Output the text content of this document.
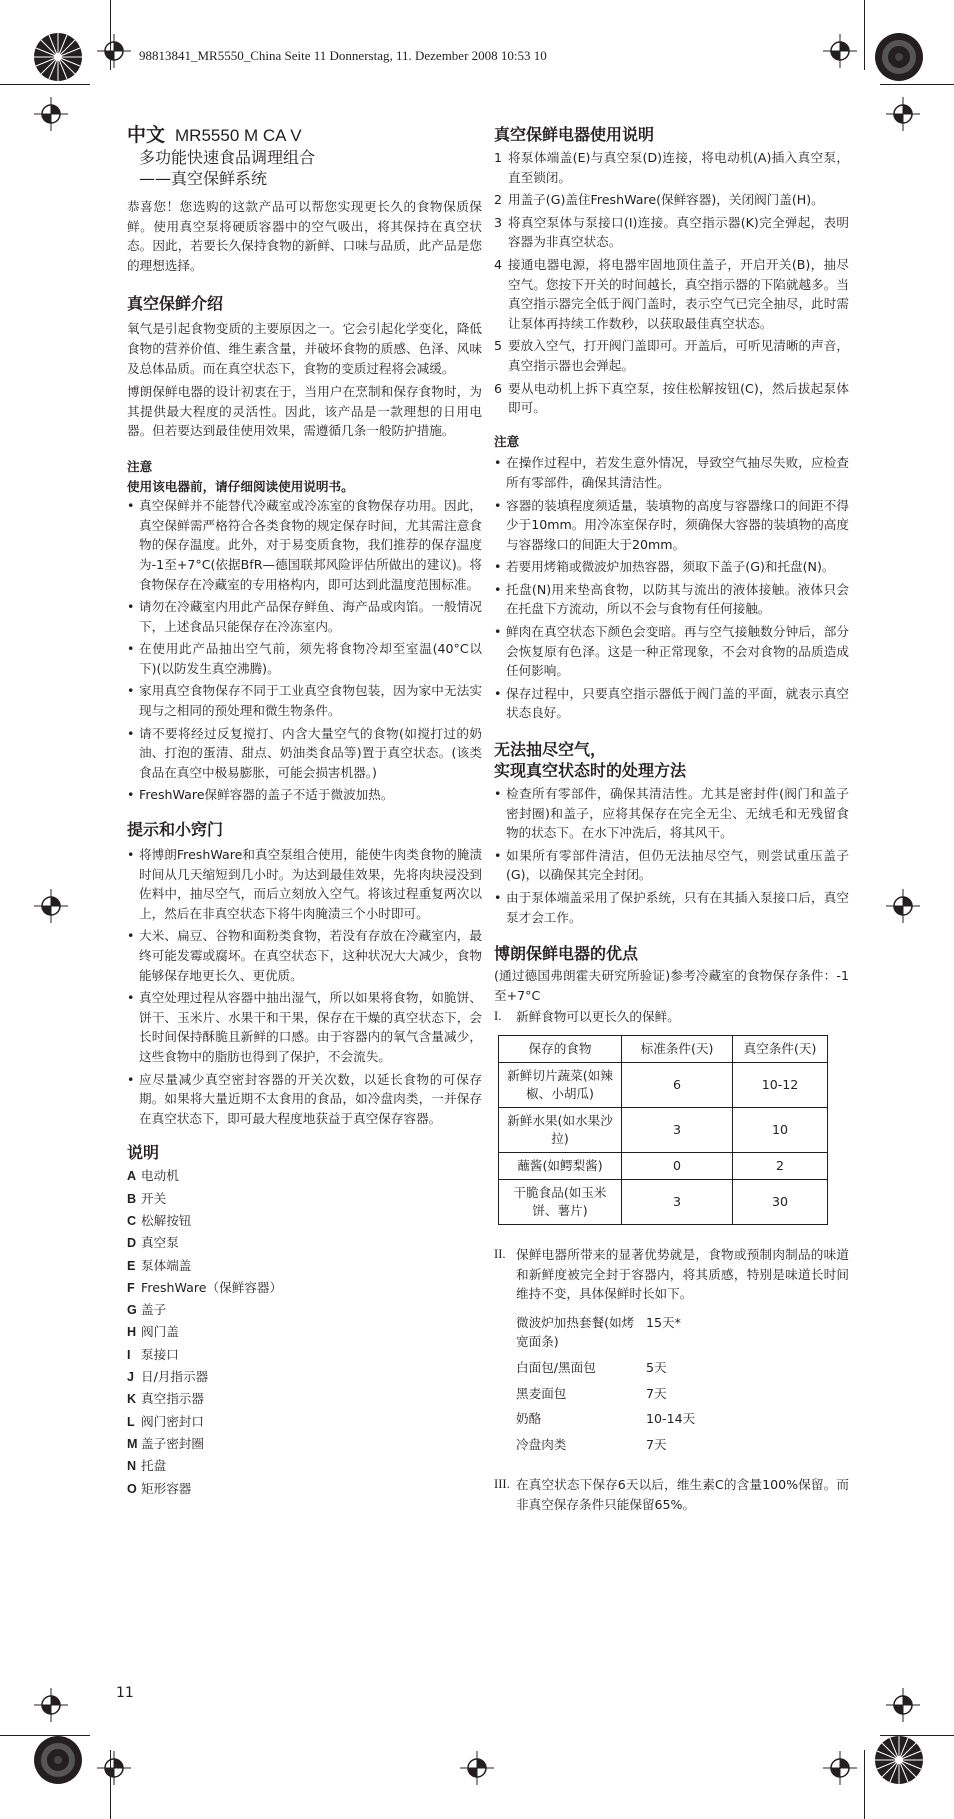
98813841_MR5550_China Seite 11 Donnerstag, 11. Dezember 2008 10:53 10
中文 MR5550 M CA V
多功能快速食品调理组合
——真空保鲜系统

恭喜您！您选购的这款产品可以帮您实现更长久的食物保质保鲜。使用真空泵将硬质容器中的空气吸出，将其保持在真空状态。因此，若要长久保持食物的新鲜、口味与品质，此产品是您的理想选择。

真空保鲜介绍

氧气是引起食物变质的主要原因之一。它会引起化学变化，降低食物的营养价值、维生素含量，并破坏食物的质感、色泽、风味及总体品质。而在真空状态下，食物的变质过程将会减缓。

博朗保鲜电器的设计初衷在于，当用户在烹制和保存食物时，为其提供最大程度的灵活性。因此，该产品是一款理想的日用电器。但若要达到最佳使用效果，需遵循几条一般防护措施。

注意
使用该电器前，请仔细阅读使用说明书。
• 真空保鲜并不能替代冷藏室或冷冻室的食物保存功用。因此，真空保鲜需严格符合各类食物的规定保存时间，尤其需注意食物的保存温度。此外，对于易变质食物，我们推荐的保存温度为-1至+7°C(依据BfR—德国联邦风险评估所做出的建议)。将食物保存在冷藏室的专用格构内，即可达到此温度范围标准。
• 请勿在冷藏室内用此产品保存鲜鱼、海产品或肉馅。一般情况下，上述食品只能保存在冷冻室内。
• 在使用此产品抽出空气前，须先将食物冷却至室温(40°C以下)(以防发生真空沸腾)。
• 家用真空食物保存不同于工业真空食物包装，因为家中无法实现与之相同的预处理和微生物条件。
• 请不要将经过反复搅打、内含大量空气的食物(如搅打过的奶油、打泡的蛋清、甜点、奶油类食品等)置于真空状态。(该类食品在真空中极易膨胀，可能会损害机器。)
• FreshWare保鲜容器的盖子不适于微波加热。
提示和小窍门
• 将博朗FreshWare和真空泵组合使用，能使牛肉类食物的腌渍时间从几天缩短到几小时。为达到最佳效果，先将肉块浸没到佐料中，抽尽空气，而后立刻放入空气。将该过程重复两次以上，然后在非真空状态下将牛肉腌渍三个小时即可。
• 大米、扁豆、谷物和面粉类食物，若没有存放在冷藏室内，最终可能发霉或腐坏。在真空状态下，这种状况大大减少，食物能够保存地更长久、更优质。
• 真空处理过程从容器中抽出湿气，所以如果将食物，如脆饼、饼干、玉米片、水果干和干果，保存在干燥的真空状态下，会长时间保持酥脆且新鲜的口感。由于容器内的氧气含量减少，这些食物中的脂肪也得到了保护，不会流失。
• 应尽量减少真空密封容器的开关次数，以延长食物的可保存期。如果将大量近期不太食用的食品，如冷盘肉类，一并保存在真空状态下，即可最大程度地获益于真空保存容器。
说明
A 电动机
B 开关
C 松解按钮
D 真空泵
E 泵体端盖
F FreshWare（保鲜容器）
G 盖子
H 阀门盖
I 泵接口
J 日/月指示器
K 真空指示器
L 阀门密封口
M 盖子密封圈
N 托盘
O 矩形容器
真空保鲜电器使用说明
1 将泵体端盖(E)与真空泵(D)连接，将电动机(A)插入真空泵，直至锁闭。
2 用盖子(G)盖住FreshWare(保鲜容器)，关闭阀门盖(H)。
3 将真空泵体与泵接口(I)连接。真空指示器(K)完全弹起，表明容器为非真空状态。
4 接通电器电源，将电器牢固地顶住盖子，开启开关(B)，抽尽空气。您按下开关的时间越长，真空指示器的下陷就越多。当真空指示器完全低于阀门盖时，表示空气已完全抽尽，此时需让泵体再持续工作数秒，以获取最佳真空状态。
5 要放入空气，打开阀门盖即可。开盖后，可听见清晰的声音，真空指示器也会弹起。
6 要从电动机上拆下真空泵，按住松解按钮(C)，然后拔起泵体即可。
注意
• 在操作过程中，若发生意外情况，导致空气抽尽失败，应检查所有零部件，确保其清洁性。
• 容器的装填程度须适量，装填物的高度与容器缘口的间距不得少于10mm。用冷冻室保存时，须确保大容器的装填物的高度与容器缘口的间距大于20mm。
• 若要用烤箱或微波炉加热容器，须取下盖子(G)和托盘(N)。
• 托盘(N)用来垫高食物，以防其与流出的液体接触。液体只会在托盘下方流动，所以不会与食物有任何接触。
• 鲜肉在真空状态下颜色会变暗。再与空气接触数分钟后，部分会恢复原有色泽。这是一种正常现象，不会对食物的品质造成任何影响。
• 保存过程中，只要真空指示器低于阀门盖的平面，就表示真空状态良好。
无法抽尽空气，
实现真空状态时的处理方法
• 检查所有零部件，确保其清洁性。尤其是密封件(阀门和盖子密封圈)和盖子，应将其保存在完全无尘、无绒毛和无残留食物的状态下。在水下冲洗后，将其风干。
• 如果所有零部件清洁，但仍无法抽尽空气，则尝试重压盖子(G)，以确保其完全封闭。
• 由于泵体端盖采用了保护系统，只有在其插入泵接口后，真空泵才会工作。
博朗保鲜电器的优点

(通过德国弗朗霍夫研究所验证)参考冷藏室的食物保存条件：-1至+7°C

I. 新鲜食物可以更长久的保鲜。
保存的食物	标准条件(天)	真空条件(天)
新鲜切片蔬菜(如辣椒、小胡瓜)	6	10-12
新鲜水果(如水果沙拉)	3	10
蘸酱(如鳄梨酱)	0	2
干脆食品(如玉米饼、薯片)	3	30
II. 保鲜电器所带来的显著优势就是，食物或预制肉制品的味道和新鲜度被完全封于容器内，将其质感，特别是味道长时间维持不变，具体保鲜时长如下。
微波炉加热套餐(如烤宽面条)	15天*
白面包/黑面包	5天
黑麦面包	7天
奶酪	10-14天
冷盘肉类	7天
III. 在真空状态下保存6天以后，维生素C的含量100%保留。而非真空保存条件只能保留65%。
11
